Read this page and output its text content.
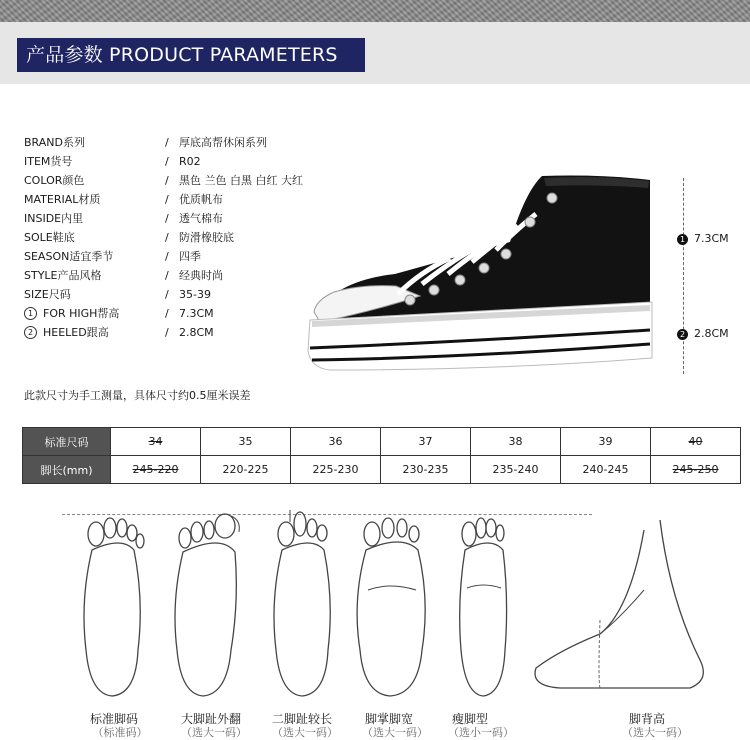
产品参数 PRODUCT PARAMETERS
BRAND系列	/ 厚底高帮休闲系列
ITEM货号	/ R02
COLOR颜色	/ 黑色 兰色 白黑 白红 大红
MATERIAL材质	/ 优质帆布
INSIDE内里	/ 透气棉布
SOLE鞋底	/ 防滑橡胶底
SEASON适宜季节	/ 四季
STYLE产品风格	/ 经典时尚
SIZE尺码	/ 35-39
1 FOR HIGH帮高	/ 7.3CM
2 HEELED跟高	/ 2.8CM
1 7.3CM
2 2.8CM
此款尺寸为手工测量，具体尺寸约0.5厘米误差
标准尺码	34	35	36	37	38	39	40
脚长(mm)	245-220	220-225	225-230	230-235	235-240	240-245	245-250
标准脚码	大脚趾外翻	二脚趾较长	脚掌脚宽	瘦脚型	脚背高
（标准码）	（选大一码） （选大一码） （选大一码） （选小一码）	（选大一码）
